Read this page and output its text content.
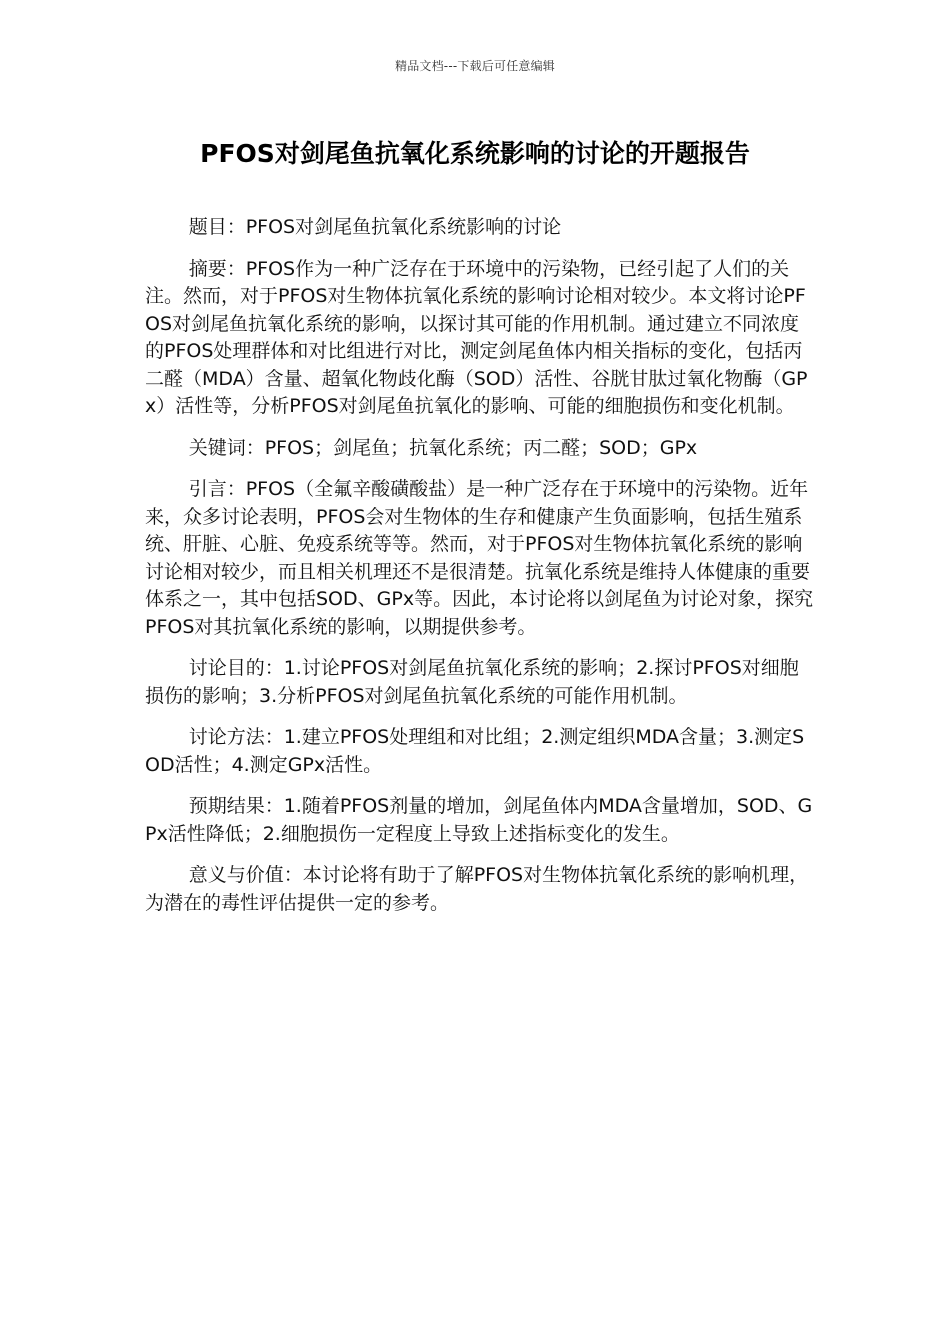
精品文档---下载后可任意编辑
PFOS对剑尾鱼抗氧化系统影响的讨论的开题报告

题目：PFOS对剑尾鱼抗氧化系统影响的讨论

摘要：PFOS作为一种广泛存在于环境中的污染物，已经引起了人们的关注。然而，对于PFOS对生物体抗氧化系统的影响讨论相对较少。本文将讨论PFOS对剑尾鱼抗氧化系统的影响，以探讨其可能的作用机制。通过建立不同浓度的PFOS处理群体和对比组进行对比，测定剑尾鱼体内相关指标的变化，包括丙二醛（MDA）含量、超氧化物歧化酶（SOD）活性、谷胱甘肽过氧化物酶（GPx）活性等，分析PFOS对剑尾鱼抗氧化的影响、可能的细胞损伤和变化机制。

关键词：PFOS；剑尾鱼；抗氧化系统；丙二醛；SOD；GPx

引言：PFOS（全氟辛酸磺酸盐）是一种广泛存在于环境中的污染物。近年来，众多讨论表明，PFOS会对生物体的生存和健康产生负面影响，包括生殖系统、肝脏、心脏、免疫系统等等。然而，对于PFOS对生物体抗氧化系统的影响讨论相对较少，而且相关机理还不是很清楚。抗氧化系统是维持人体健康的重要体系之一，其中包括SOD、GPx等。因此，本讨论将以剑尾鱼为讨论对象，探究PFOS对其抗氧化系统的影响，以期提供参考。

讨论目的：1.讨论PFOS对剑尾鱼抗氧化系统的影响；2.探讨PFOS对细胞损伤的影响；3.分析PFOS对剑尾鱼抗氧化系统的可能作用机制。

讨论方法：1.建立PFOS处理组和对比组；2.测定组织MDA含量；3.测定SOD活性；4.测定GPx活性。

预期结果：1.随着PFOS剂量的增加，剑尾鱼体内MDA含量增加，SOD、GPx活性降低；2.细胞损伤一定程度上导致上述指标变化的发生。

意义与价值：本讨论将有助于了解PFOS对生物体抗氧化系统的影响机理，为潜在的毒性评估提供一定的参考。
